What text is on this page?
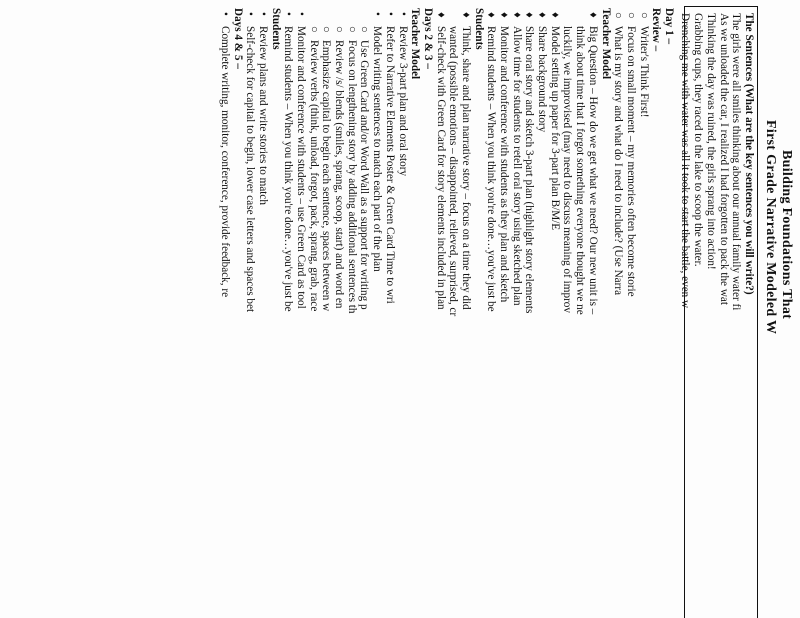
Building Foundations That
First Grade Narrative Modeled W
The Sentences (What are the key sentences you will write?)
The girls were all smiles thinking about our annual family water fi
As we unloaded the car, I realized I had forgotten to pack the wat
Thinking the day was ruined, the girls sprang into action!
Grabbing cups, they raced to the lake to scoop the water.
Drenching me with water was all it took to start the battle, even w
Day 1 –
Review –
○Writer's Think First!
○Focus on small moment – my memories often become storie
○What is my story and what do I need to include? (Use Narra
Teacher Model
♦Big Question – How do we get what we need? Our new unit is –
think about time that I forgot something everyone thought we ne
luckily, we improvised (may need to discuss meaning of improv
♦Model setting up paper for 3-part plan B/M/E
♦Share background story
♦Share oral story and sketch 3-part plan (highlight story elements
♦Allow time for students to retell oral story using sketched plan
♦Monitor and conference with students as they plan and sketch
♦Remind students – When you think you're done…you've just be
Students
♦Think, share and plan narrative story – focus on a time they did
wanted (possible emotions – disappointed, relieved, surprised, cr
♦Self-check with Green Card for story elements included in plan
Days 2 & 3 –
Teacher Model
•Review 3-part plan and oral story
•Refer to Narrative Elements Poster & Green Card Time to wri
•Model writing sentences to match each part of the plan
○Use Green Card and/or Word Wall as a support for writing p
○Focus on lengthening story by adding additional sentences th
○Review /s/ blends (smiles, sprang, scoop, start) and word en
○Emphasize capital to begin each sentence, spaces between w
○Review verbs (think, unload, forgot, pack, sprang, grab, race
•Monitor and conference with students – use Green Card as tool
•Remind students – When you think you're done…you've just be
Students
•Review plans and write stories to match
•Self-check for capital to begin, lower case letters and spaces bet
Days 4 & 5 –
•Complete writing, monitor, conference, provide feedback, re
